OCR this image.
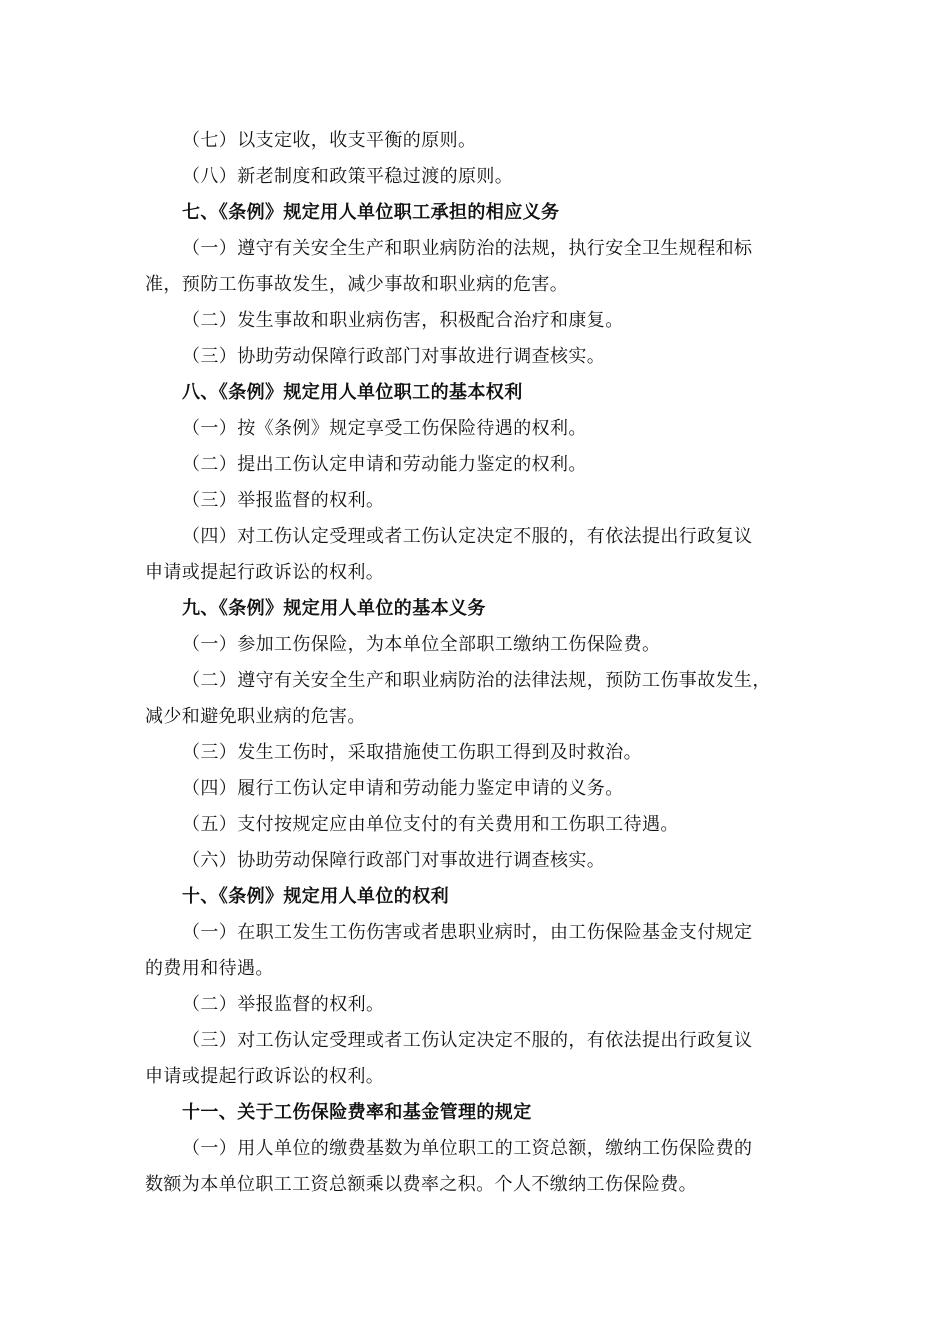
（七）以支定收，收支平衡的原则。
（八）新老制度和政策平稳过渡的原则。
七、《条例》规定用人单位职工承担的相应义务
（一）遵守有关安全生产和职业病防治的法规，执行安全卫生规程和标
准，预防工伤事故发生，减少事故和职业病的危害。
（二）发生事故和职业病伤害，积极配合治疗和康复。
（三）协助劳动保障行政部门对事故进行调查核实。
八、《条例》规定用人单位职工的基本权利
（一）按《条例》规定享受工伤保险待遇的权利。
（二）提出工伤认定申请和劳动能力鉴定的权利。
（三）举报监督的权利。
（四）对工伤认定受理或者工伤认定决定不服的，有依法提出行政复议
申请或提起行政诉讼的权利。
九、《条例》规定用人单位的基本义务
（一）参加工伤保险，为本单位全部职工缴纳工伤保险费。
（二）遵守有关安全生产和职业病防治的法律法规，预防工伤事故发生，
减少和避免职业病的危害。
（三）发生工伤时，采取措施使工伤职工得到及时救治。
（四）履行工伤认定申请和劳动能力鉴定申请的义务。
（五）支付按规定应由单位支付的有关费用和工伤职工待遇。
（六）协助劳动保障行政部门对事故进行调查核实。
十、《条例》规定用人单位的权利
（一）在职工发生工伤伤害或者患职业病时，由工伤保险基金支付规定
的费用和待遇。
（二）举报监督的权利。
（三）对工伤认定受理或者工伤认定决定不服的，有依法提出行政复议
申请或提起行政诉讼的权利。
十一、关于工伤保险费率和基金管理的规定
（一）用人单位的缴费基数为单位职工的工资总额，缴纳工伤保险费的
数额为本单位职工工资总额乘以费率之积。个人不缴纳工伤保险费。
